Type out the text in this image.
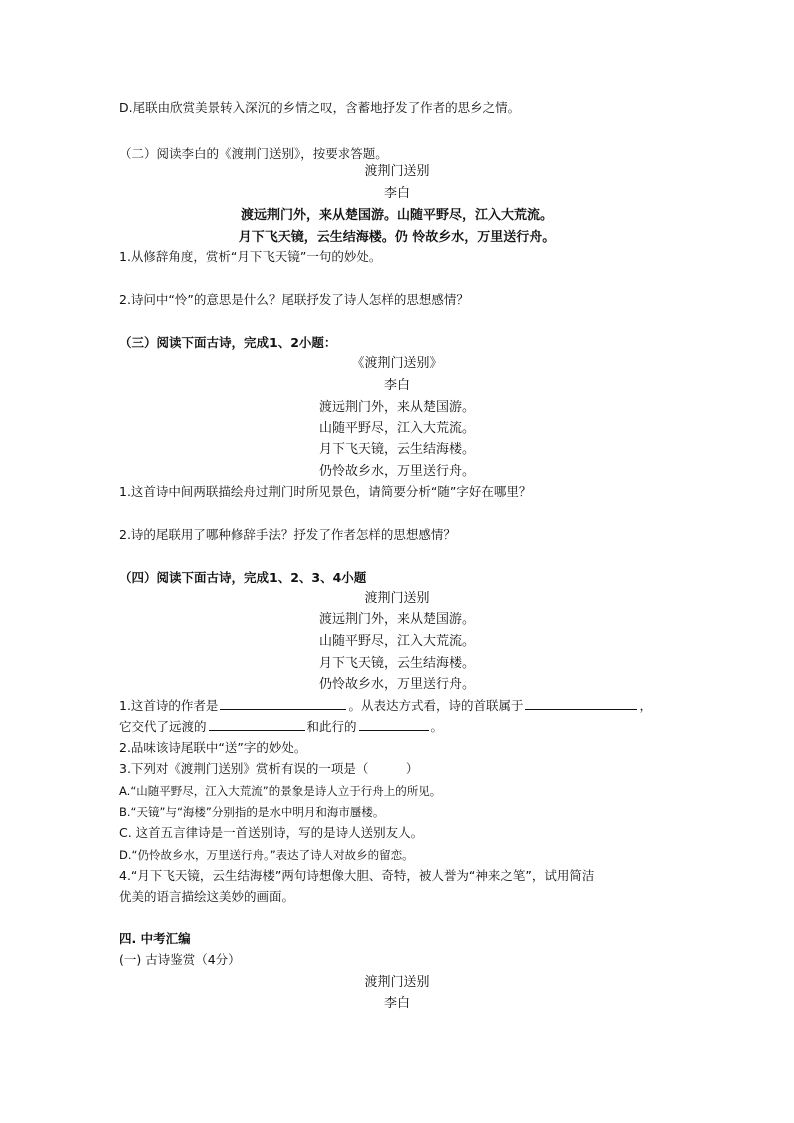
D.尾联由欣赏美景转入深沉的乡情之叹，含蓄地抒发了作者的思乡之情。
（二）阅读李白的《渡荆门送别》，按要求答题。
渡荆门送别
李白
渡远荆门外，来从楚国游。山随平野尽，江入大荒流。
月下飞天镜，云生结海楼。仍 怜故乡水，万里送行舟。
1.从修辞角度，赏析“月下飞天镜”一句的妙处。
2.诗问中“怜”的意思是什么？尾联抒发了诗人怎样的思想感情？
（三）阅读下面古诗，完成1、2小题：
《渡荆门送别》
李白
渡远荆门外，来从楚国游。
山随平野尽，江入大荒流。
月下飞天镜，云生结海楼。
仍怜故乡水，万里送行舟。
1.这首诗中间两联描绘舟过荆门时所见景色，请简要分析“随”字好在哪里？
2.诗的尾联用了哪种修辞手法？抒发了作者怎样的思想感情？
（四）阅读下面古诗，完成1、2、3、4小题
渡荆门送别
渡远荆门外，来从楚国游。
山随平野尽，江入大荒流。
月下飞天镜，云生结海楼。
仍怜故乡水，万里送行舟。
1.这首诗的作者是	。从表达方式看，诗的首联属于	，
它交代了远渡的	和此行的	。
2.品味该诗尾联中“送”字的妙处。
3.下列对《渡荆门送别》赏析有误的一项是（　　　）
A.“山随平野尽，江入大荒流”的景象是诗人立于行舟上的所见。
B.“天镜”与“海楼”分别指的是水中明月和海市蜃楼。
C. 这首五言律诗是一首送别诗，写的是诗人送别友人。
D.“仍怜故乡水，万里送行舟。”表达了诗人对故乡的留恋。
4.“月下飞天镜，云生结海楼”两句诗想像大胆、奇特，被人誉为“神来之笔”，试用简洁
优美的语言描绘这美妙的画面。
四. 中考汇编
(一) 古诗鉴赏（4分）
渡荆门送别
李白
